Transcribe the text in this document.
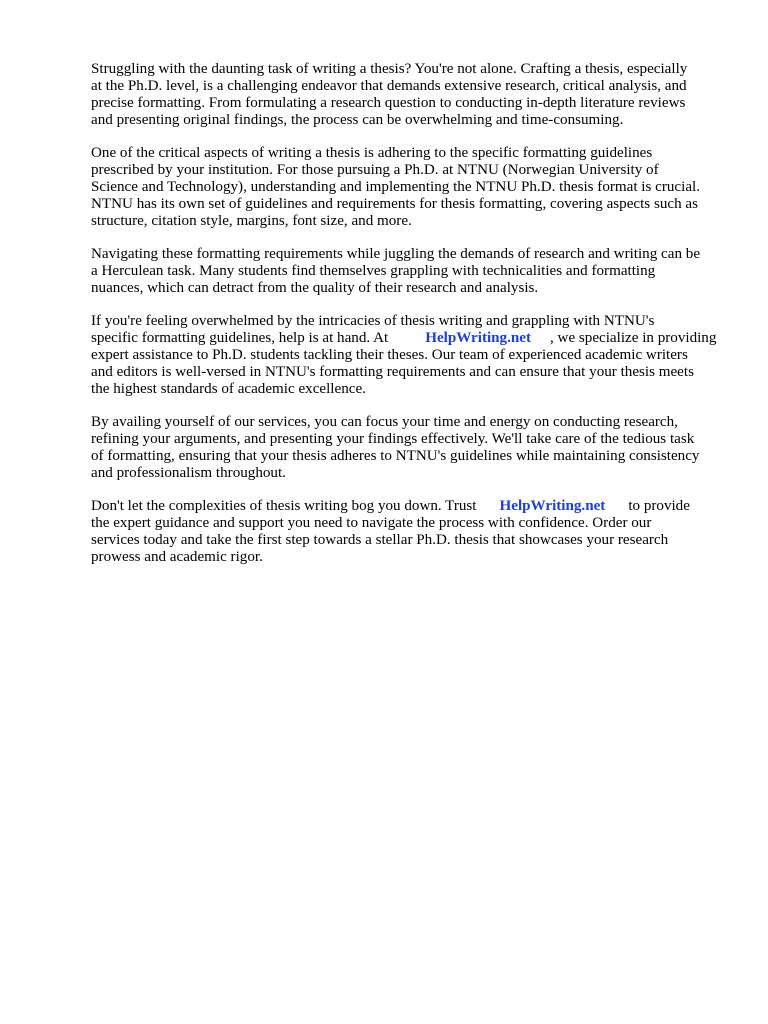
Struggling with the daunting task of writing a thesis? You're not alone. Crafting a thesis, especially
at the Ph.D. level, is a challenging endeavor that demands extensive research, critical analysis, and
precise formatting. From formulating a research question to conducting in-depth literature reviews
and presenting original findings, the process can be overwhelming and time-consuming.

One of the critical aspects of writing a thesis is adhering to the specific formatting guidelines
prescribed by your institution. For those pursuing a Ph.D. at NTNU (Norwegian University of
Science and Technology), understanding and implementing the NTNU Ph.D. thesis format is crucial.
NTNU has its own set of guidelines and requirements for thesis formatting, covering aspects such as
structure, citation style, margins, font size, and more.

Navigating these formatting requirements while juggling the demands of research and writing can be
a Herculean task. Many students find themselves grappling with technicalities and formatting
nuances, which can detract from the quality of their research and analysis.

If you're feeling overwhelmed by the intricacies of thesis writing and grappling with NTNU's
specific formatting guidelines, help is at hand. At HelpWriting.net , we specialize in providing
expert assistance to Ph.D. students tackling their theses. Our team of experienced academic writers
and editors is well-versed in NTNU's formatting requirements and can ensure that your thesis meets
the highest standards of academic excellence.

By availing yourself of our services, you can focus your time and energy on conducting research,
refining your arguments, and presenting your findings effectively. We'll take care of the tedious task
of formatting, ensuring that your thesis adheres to NTNU's guidelines while maintaining consistency
and professionalism throughout.

Don't let the complexities of thesis writing bog you down. Trust HelpWriting.net to provide
the expert guidance and support you need to navigate the process with confidence. Order our
services today and take the first step towards a stellar Ph.D. thesis that showcases your research
prowess and academic rigor.
